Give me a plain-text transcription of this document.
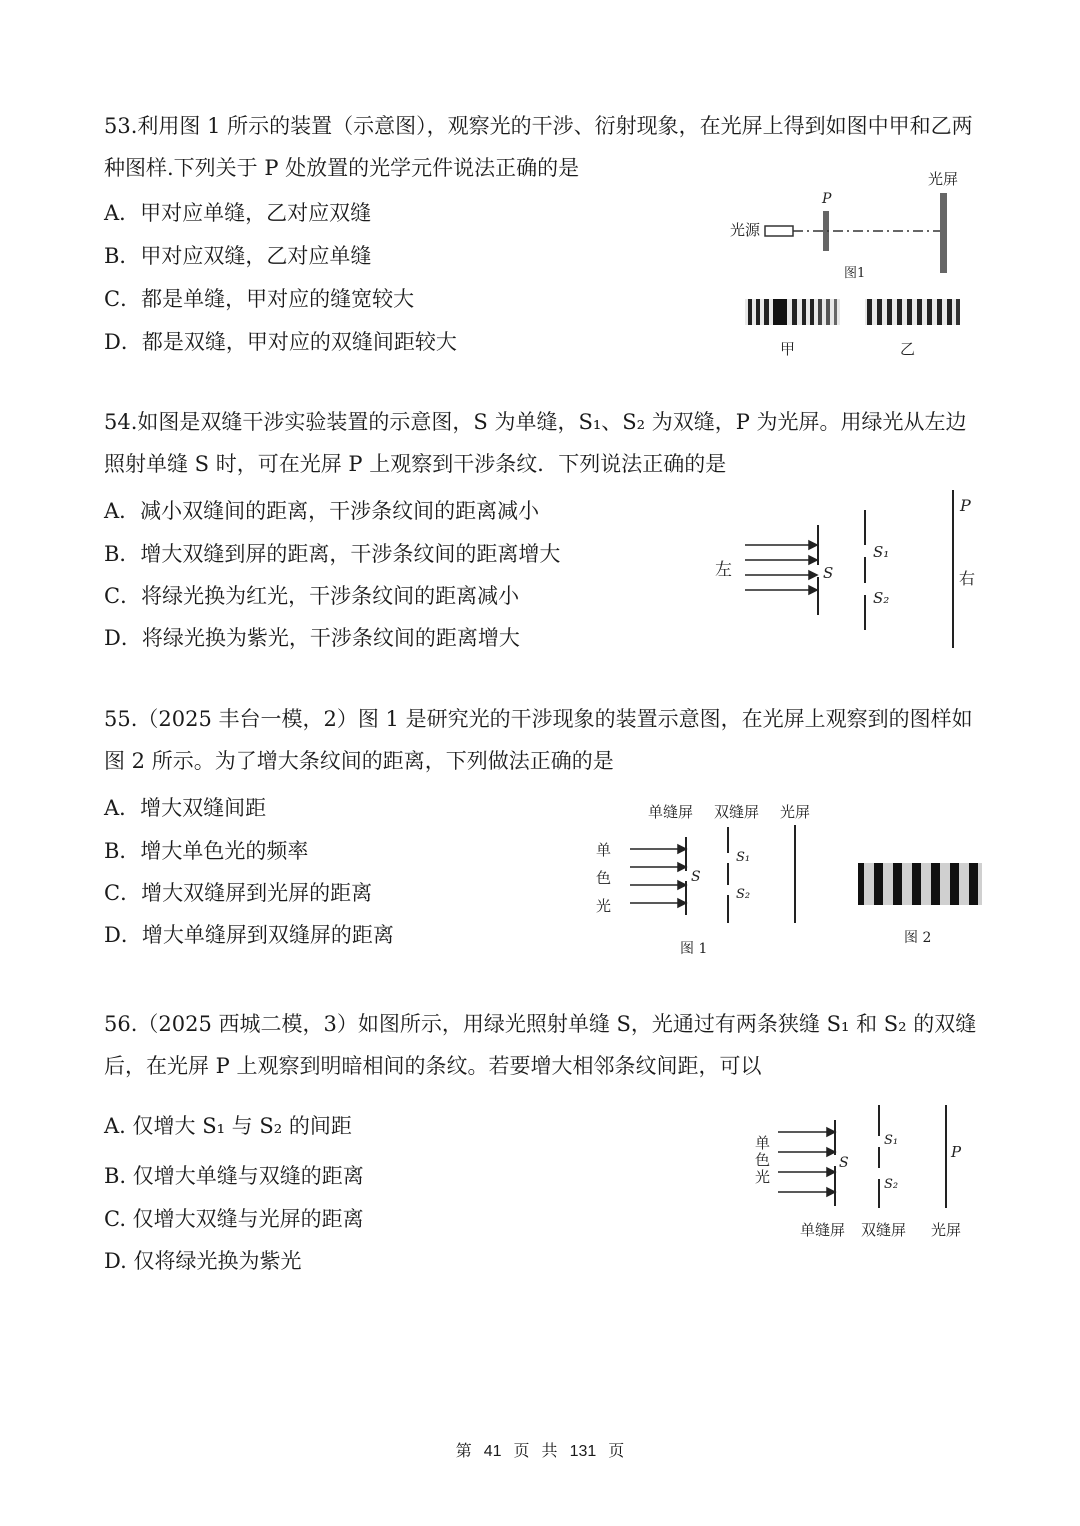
53.利用图 1 所示的装置（示意图），观察光的干涉、衍射现象，在光屏上得到如图中甲和乙两种图样.下列关于 P 处放置的光学元件说法正确的是
A．甲对应单缝，乙对应双缝
B．甲对应双缝，乙对应单缝
C．都是单缝，甲对应的缝宽较大
D．都是双缝，甲对应的双缝间距较大
光屏
P
光源
图1
甲	乙
54.如图是双缝干涉实验装置的示意图，S 为单缝，S₁、S₂ 为双缝，P 为光屏。用绿光从左边照射单缝 S 时，可在光屏 P 上观察到干涉条纹．下列说法正确的是
A．减小双缝间的距离，干涉条纹间的距离减小
B．增大双缝到屏的距离，干涉条纹间的距离增大
C．将绿光换为红光，干涉条纹间的距离减小
D．将绿光换为紫光，干涉条纹间的距离增大
左	S
S₁
S₂
P
右
55.（2025 丰台一模，2）图 1 是研究光的干涉现象的装置示意图，在光屏上观察到的图样如图 2 所示。为了增大条纹间的距离，下列做法正确的是
A．增大双缝间距
B．增大单色光的频率
C．增大双缝屏到光屏的距离
D．增大单缝屏到双缝屏的距离
单缝屏 双缝屏 光屏
单
色
光
S
S₁
S₂
图 1
图 2
56.（2025 西城二模，3）如图所示，用绿光照射单缝 S，光通过有两条狭缝 S₁ 和 S₂ 的双缝后，在光屏 P 上观察到明暗相间的条纹。若要增大相邻条纹间距，可以
A. 仅增大 S₁ 与 S₂ 的间距
B. 仅增大单缝与双缝的距离
C. 仅增大双缝与光屏的距离
D. 仅将绿光换为紫光
单
色
光
S
S₁
S₂
P
单缝屏 双缝屏 光屏
第 41 页 共 131 页
